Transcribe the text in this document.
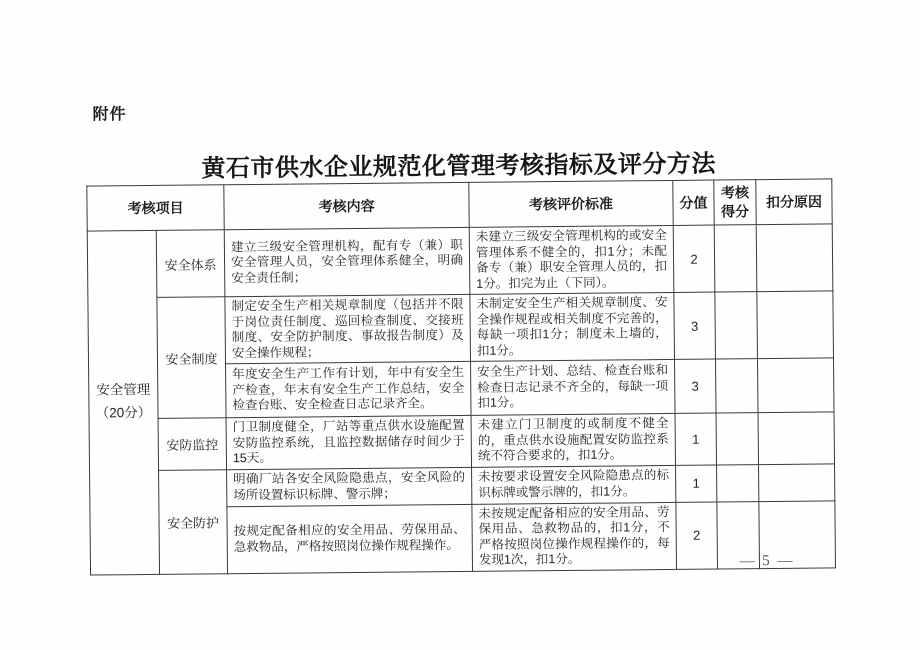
附件
黄石市供水企业规范化管理考核指标及评分方法
考核项目		考核内容	考核评价标准	分值	考核得分	扣分原因

安全管理
（20分）	安全体系	建立三级安全管理机构，配有专（兼）职安全管理人员，安全管理体系健全，明确安全责任制；	未建立三级安全管理机构的或安全管理体系不健全的，扣1分；未配备专（兼）职安全管理人员的，扣1分。扣完为止（下同）。	2		
	安全制度	制定安全生产相关规章制度（包括并不限于岗位责任制度、巡回检查制度、交接班制度、安全防护制度、事故报告制度）及安全操作规程；	未制定安全生产相关规章制度、安全操作规程或相关制度不完善的，每缺一项扣1分；制度未上墙的，扣1分。	3		
		年度安全生产工作有计划，年中有安全生产检查，年末有安全生产工作总结，安全检查台账、安全检查日志记录齐全。	安全生产计划、总结、检查台账和检查日志记录不齐全的，每缺一项扣1分。	3		
	安防监控	门卫制度健全，厂站等重点供水设施配置安防监控系统，且监控数据储存时间少于15天。	未建立门卫制度的或制度不健全的，重点供水设施配置安防监控系统不符合要求的，扣1分。	1		
	安全防护	明确厂站各安全风险隐患点，安全风险的场所设置标识标牌、警示牌；	未按要求设置安全风险隐患点的标识标牌或警示牌的，扣1分。	1		
		按规定配备相应的安全用品、劳保用品、急救物品，严格按照岗位操作规程操作。	未按规定配备相应的安全用品、劳保用品、急救物品的，扣1分，不严格按照岗位操作规程操作的，每发现1次，扣1分。	2		
— 5 —
